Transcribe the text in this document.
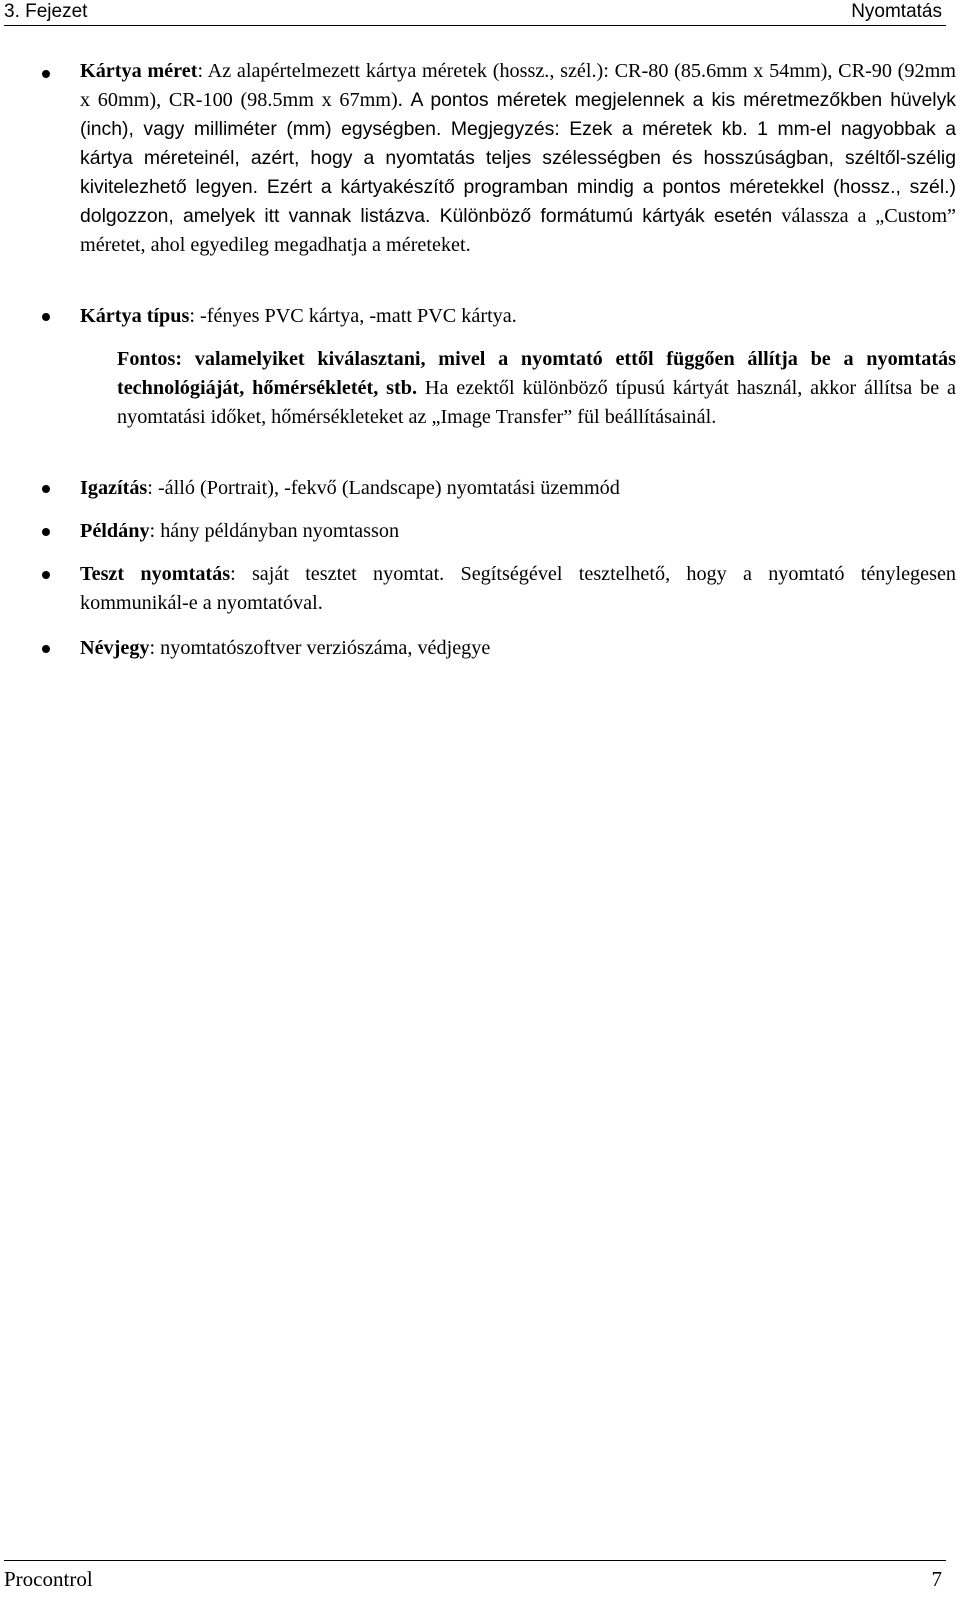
3. Fejezet	Nyomtatás
Kártya méret: Az alapértelmezett kártya méretek (hossz., szél.): CR-80 (85.6mm x 54mm), CR-90 (92mm x 60mm), CR-100 (98.5mm x 67mm). A pontos méretek megjelennek a kis méretmezőkben hüvelyk (inch), vagy milliméter (mm) egységben. Megjegyzés: Ezek a méretek kb. 1 mm-el nagyobbak a kártya méreteinél, azért, hogy a nyomtatás teljes szélességben és hosszúságban, széltől-szélig kivitelezhető legyen. Ezért a kártyakészítő programban mindig a pontos méretekkel (hossz., szél.) dolgozzon, amelyek itt vannak listázva. Különböző formátumú kártyák esetén válassza a „Custom” méretet, ahol egyedileg megadhatja a méreteket.
Kártya típus: -fényes PVC kártya, -matt PVC kártya.
Fontos: valamelyiket kiválasztani, mivel a nyomtató ettől függően állítja be a nyomtatás technológiáját, hőmérsékletét, stb. Ha ezektől különböző típusú kártyát használ, akkor állítsa be a nyomtatási időket, hőmérsékleteket az „Image Transfer” fül beállításainál.
Igazítás: -álló (Portrait), -fekvő (Landscape) nyomtatási üzemmód
Példány: hány példányban nyomtasson
Teszt nyomtatás: saját tesztet nyomtat. Segítségével tesztelhető, hogy a nyomtató ténylegesen kommunikál-e a nyomtatóval.
Névjegy: nyomtatószoftver verziószáma, védjegye
Procontrol	7
